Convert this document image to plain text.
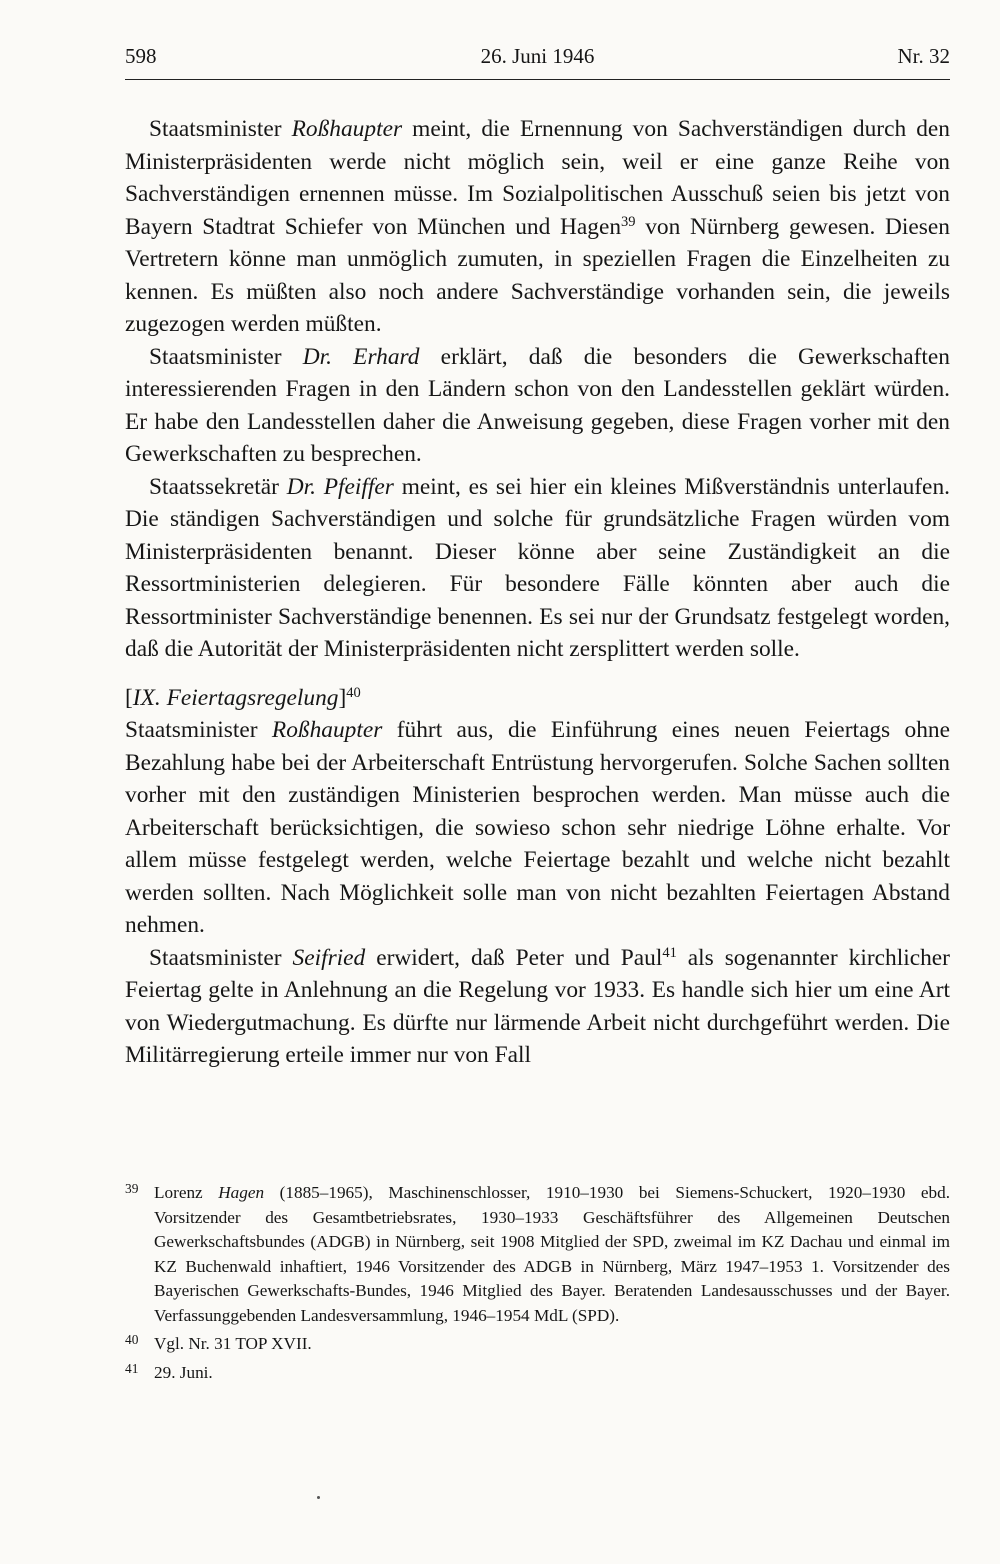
598	26. Juni 1946	Nr. 32

Staatsminister Roßhaupter meint, die Ernennung von Sachverständigen durch den Ministerpräsidenten werde nicht möglich sein, weil er eine ganze Reihe von Sachverständigen ernennen müsse. Im Sozialpolitischen Ausschuß seien bis jetzt von Bayern Stadtrat Schiefer von München und Hagen$^{39}$ von Nürnberg gewesen. Diesen Vertretern könne man unmöglich zumuten, in speziellen Fragen die Einzelheiten zu kennen. Es müßten also noch andere Sachverständige vorhanden sein, die jeweils zugezogen werden müßten.

Staatsminister Dr. Erhard erklärt, daß die besonders die Gewerkschaften interessierenden Fragen in den Ländern schon von den Landesstellen geklärt würden. Er habe den Landesstellen daher die Anweisung gegeben, diese Fragen vorher mit den Gewerkschaften zu besprechen.

Staatssekretär Dr. Pfeiffer meint, es sei hier ein kleines Mißverständnis unterlaufen. Die ständigen Sachverständigen und solche für grundsätzliche Fragen würden vom Ministerpräsidenten benannt. Dieser könne aber seine Zuständigkeit an die Ressortministerien delegieren. Für besondere Fälle könnten aber auch die Ressortminister Sachverständige benennen. Es sei nur der Grundsatz festgelegt worden, daß die Autorität der Ministerpräsidenten nicht zersplittert werden solle.

[IX. Feiertagsregelung]$^{40}$

Staatsminister Roßhaupter führt aus, die Einführung eines neuen Feiertags ohne Bezahlung habe bei der Arbeiterschaft Entrüstung hervorgerufen. Solche Sachen sollten vorher mit den zuständigen Ministerien besprochen werden. Man müsse auch die Arbeiterschaft berücksichtigen, die sowieso schon sehr niedrige Löhne erhalte. Vor allem müsse festgelegt werden, welche Feiertage bezahlt und welche nicht bezahlt werden sollten. Nach Möglichkeit solle man von nicht bezahlten Feiertagen Abstand nehmen.

Staatsminister Seifried erwidert, daß Peter und Paul$^{41}$ als sogenannter kirchlicher Feiertag gelte in Anlehnung an die Regelung vor 1933. Es handle sich hier um eine Art von Wiedergutmachung. Es dürfte nur lärmende Arbeit nicht durchgeführt werden. Die Militärregierung erteile immer nur von Fall

$^{39}$ Lorenz Hagen (1885–1965), Maschinenschlosser, 1910–1930 bei Siemens-Schuckert, 1920–1930 ebd. Vorsitzender des Gesamtbetriebsrates, 1930–1933 Geschäftsführer des Allgemeinen Deutschen Gewerkschaftsbundes (ADGB) in Nürnberg, seit 1908 Mitglied der SPD, zweimal im KZ Dachau und einmal im KZ Buchenwald inhaftiert, 1946 Vorsitzender des ADGB in Nürnberg, März 1947–1953 1. Vorsitzender des Bayerischen Gewerkschafts-Bundes, 1946 Mitglied des Bayer. Beratenden Landesausschusses und der Bayer. Verfassunggebenden Landesversammlung, 1946–1954 MdL (SPD).
$^{40}$ Vgl. Nr. 31 TOP XVII.
$^{41}$ 29. Juni.
